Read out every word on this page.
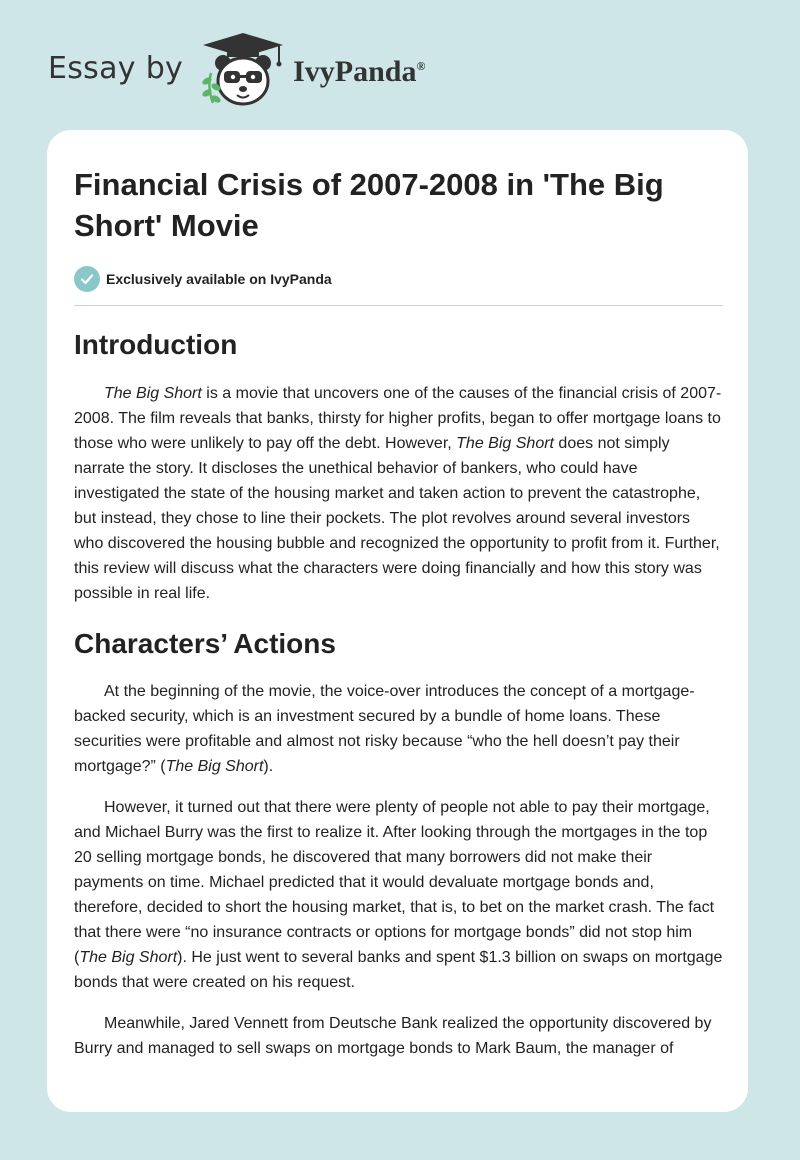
Essay by	IvyPanda®
Financial Crisis of 2007-2008 in 'The Big Short' Movie
Exclusively available on IvyPanda
Introduction

The Big Short is a movie that uncovers one of the causes of the financial crisis of 2007-2008. The film reveals that banks, thirsty for higher profits, began to offer mortgage loans to those who were unlikely to pay off the debt. However, The Big Short does not simply narrate the story. It discloses the unethical behavior of bankers, who could have investigated the state of the housing market and taken action to prevent the catastrophe, but instead, they chose to line their pockets. The plot revolves around several investors who discovered the housing bubble and recognized the opportunity to profit from it. Further, this review will discuss what the characters were doing financially and how this story was possible in real life.

Characters’ Actions

At the beginning of the movie, the voice-over introduces the concept of a mortgage-backed security, which is an investment secured by a bundle of home loans. These securities were profitable and almost not risky because “who the hell doesn’t pay their mortgage?” (The Big Short).

However, it turned out that there were plenty of people not able to pay their mortgage, and Michael Burry was the first to realize it. After looking through the mortgages in the top 20 selling mortgage bonds, he discovered that many borrowers did not make their payments on time. Michael predicted that it would devaluate mortgage bonds and, therefore, decided to short the housing market, that is, to bet on the market crash. The fact that there were “no insurance contracts or options for mortgage bonds” did not stop him (The Big Short). He just went to several banks and spent $1.3 billion on swaps on mortgage bonds that were created on his request.

Meanwhile, Jared Vennett from Deutsche Bank realized the opportunity discovered by Burry and managed to sell swaps on mortgage bonds to Mark Baum, the manager of
